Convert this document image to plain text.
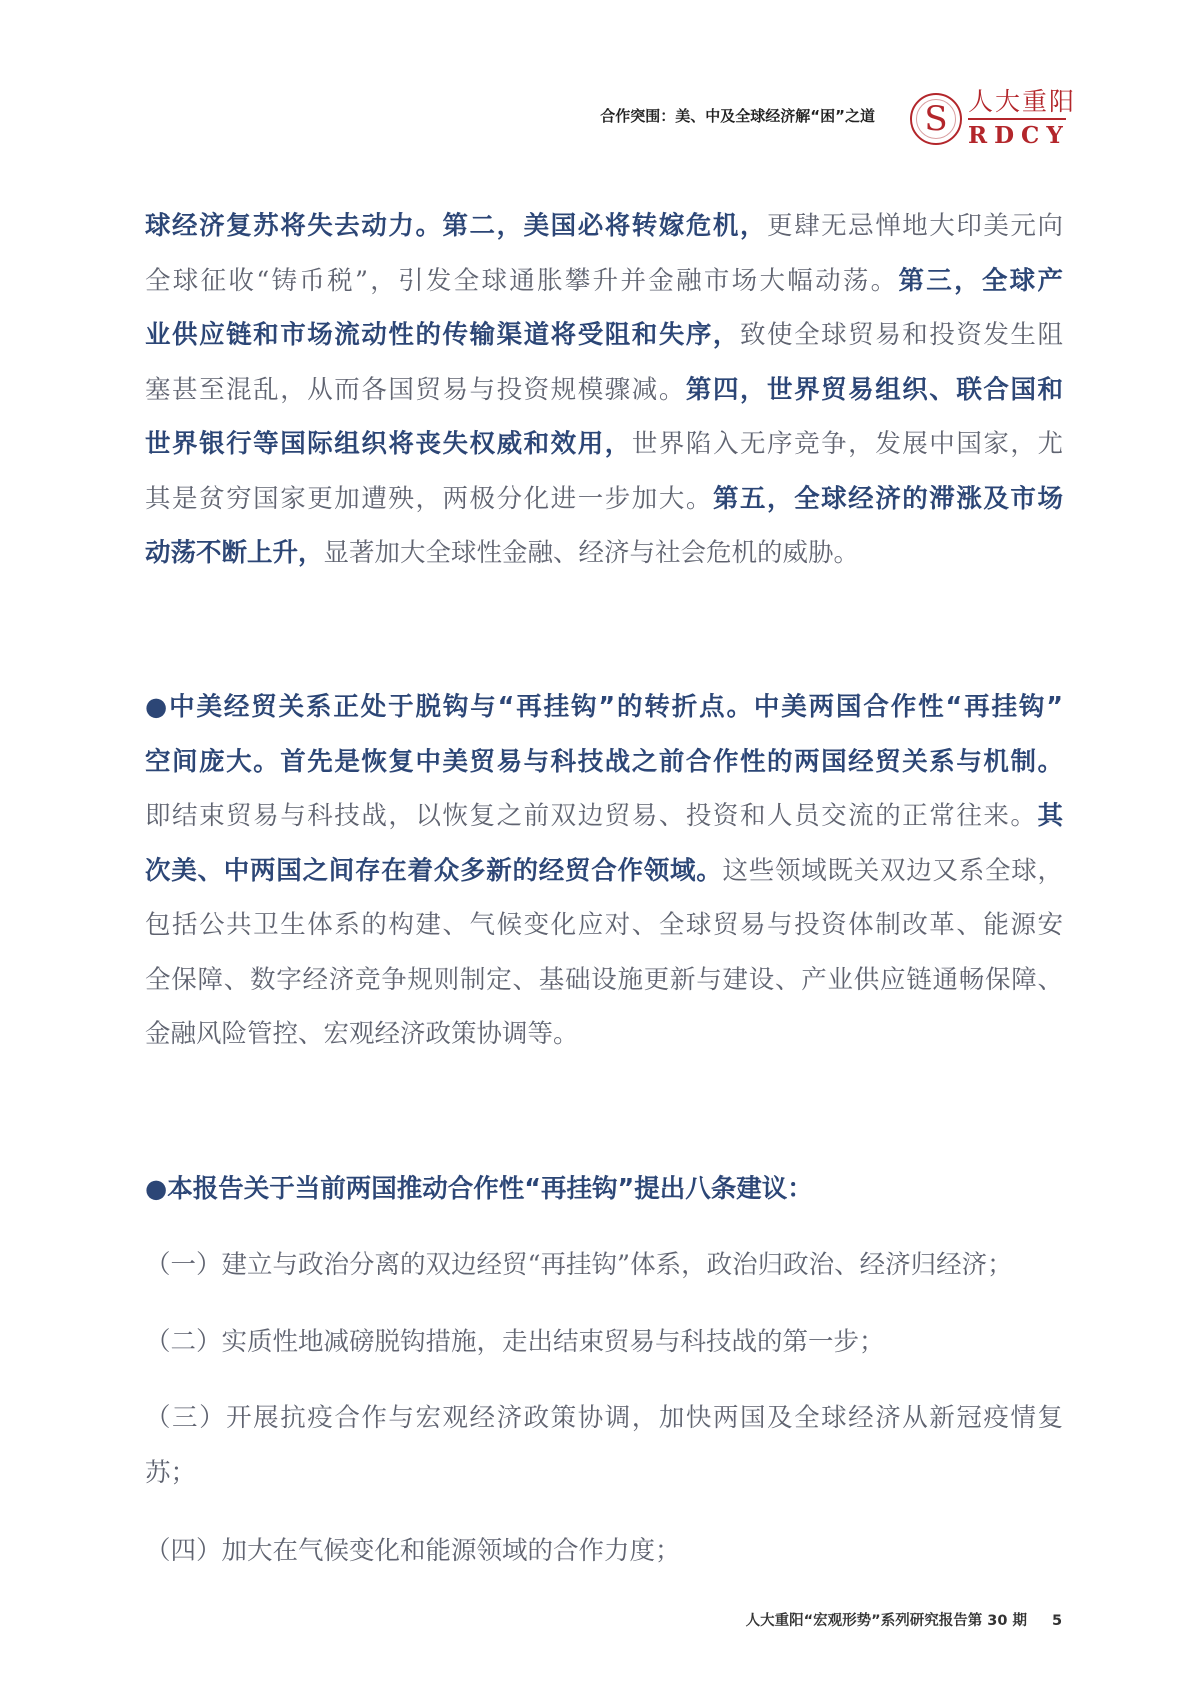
合作突围：美、中及全球经济解“困”之道	S 人大重阳
RDCY
球经济复苏将失去动力。第二，美国必将转嫁危机，更肆无忌惮地大印美元向
全球征收“铸币税”，引发全球通胀攀升并金融市场大幅动荡。第三，全球产
业供应链和市场流动性的传输渠道将受阻和失序，致使全球贸易和投资发生阻
塞甚至混乱，从而各国贸易与投资规模骤减。第四，世界贸易组织、联合国和
世界银行等国际组织将丧失权威和效用，世界陷入无序竞争，发展中国家，尤
其是贫穷国家更加遭殃，两极分化进一步加大。第五，全球经济的滞涨及市场
动荡不断上升，显著加大全球性金融、经济与社会危机的威胁。
●中美经贸关系正处于脱钩与“再挂钩”的转折点。中美两国合作性“再挂钩”
空间庞大。首先是恢复中美贸易与科技战之前合作性的两国经贸关系与机制。
即结束贸易与科技战，以恢复之前双边贸易、投资和人员交流的正常往来。其
次美、中两国之间存在着众多新的经贸合作领域。这些领域既关双边又系全球，
包括公共卫生体系的构建、气候变化应对、全球贸易与投资体制改革、能源安
全保障、数字经济竞争规则制定、基础设施更新与建设、产业供应链通畅保障、
金融风险管控、宏观经济政策协调等。
●本报告关于当前两国推动合作性“再挂钩”提出八条建议：
（一）建立与政治分离的双边经贸“再挂钩”体系，政治归政治、经济归经济；
（二）实质性地减磅脱钩措施，走出结束贸易与科技战的第一步；
（三）开展抗疫合作与宏观经济政策协调，加快两国及全球经济从新冠疫情复
苏；
（四）加大在气候变化和能源领域的合作力度；
人大重阳“宏观形势”系列研究报告第 30 期 5
